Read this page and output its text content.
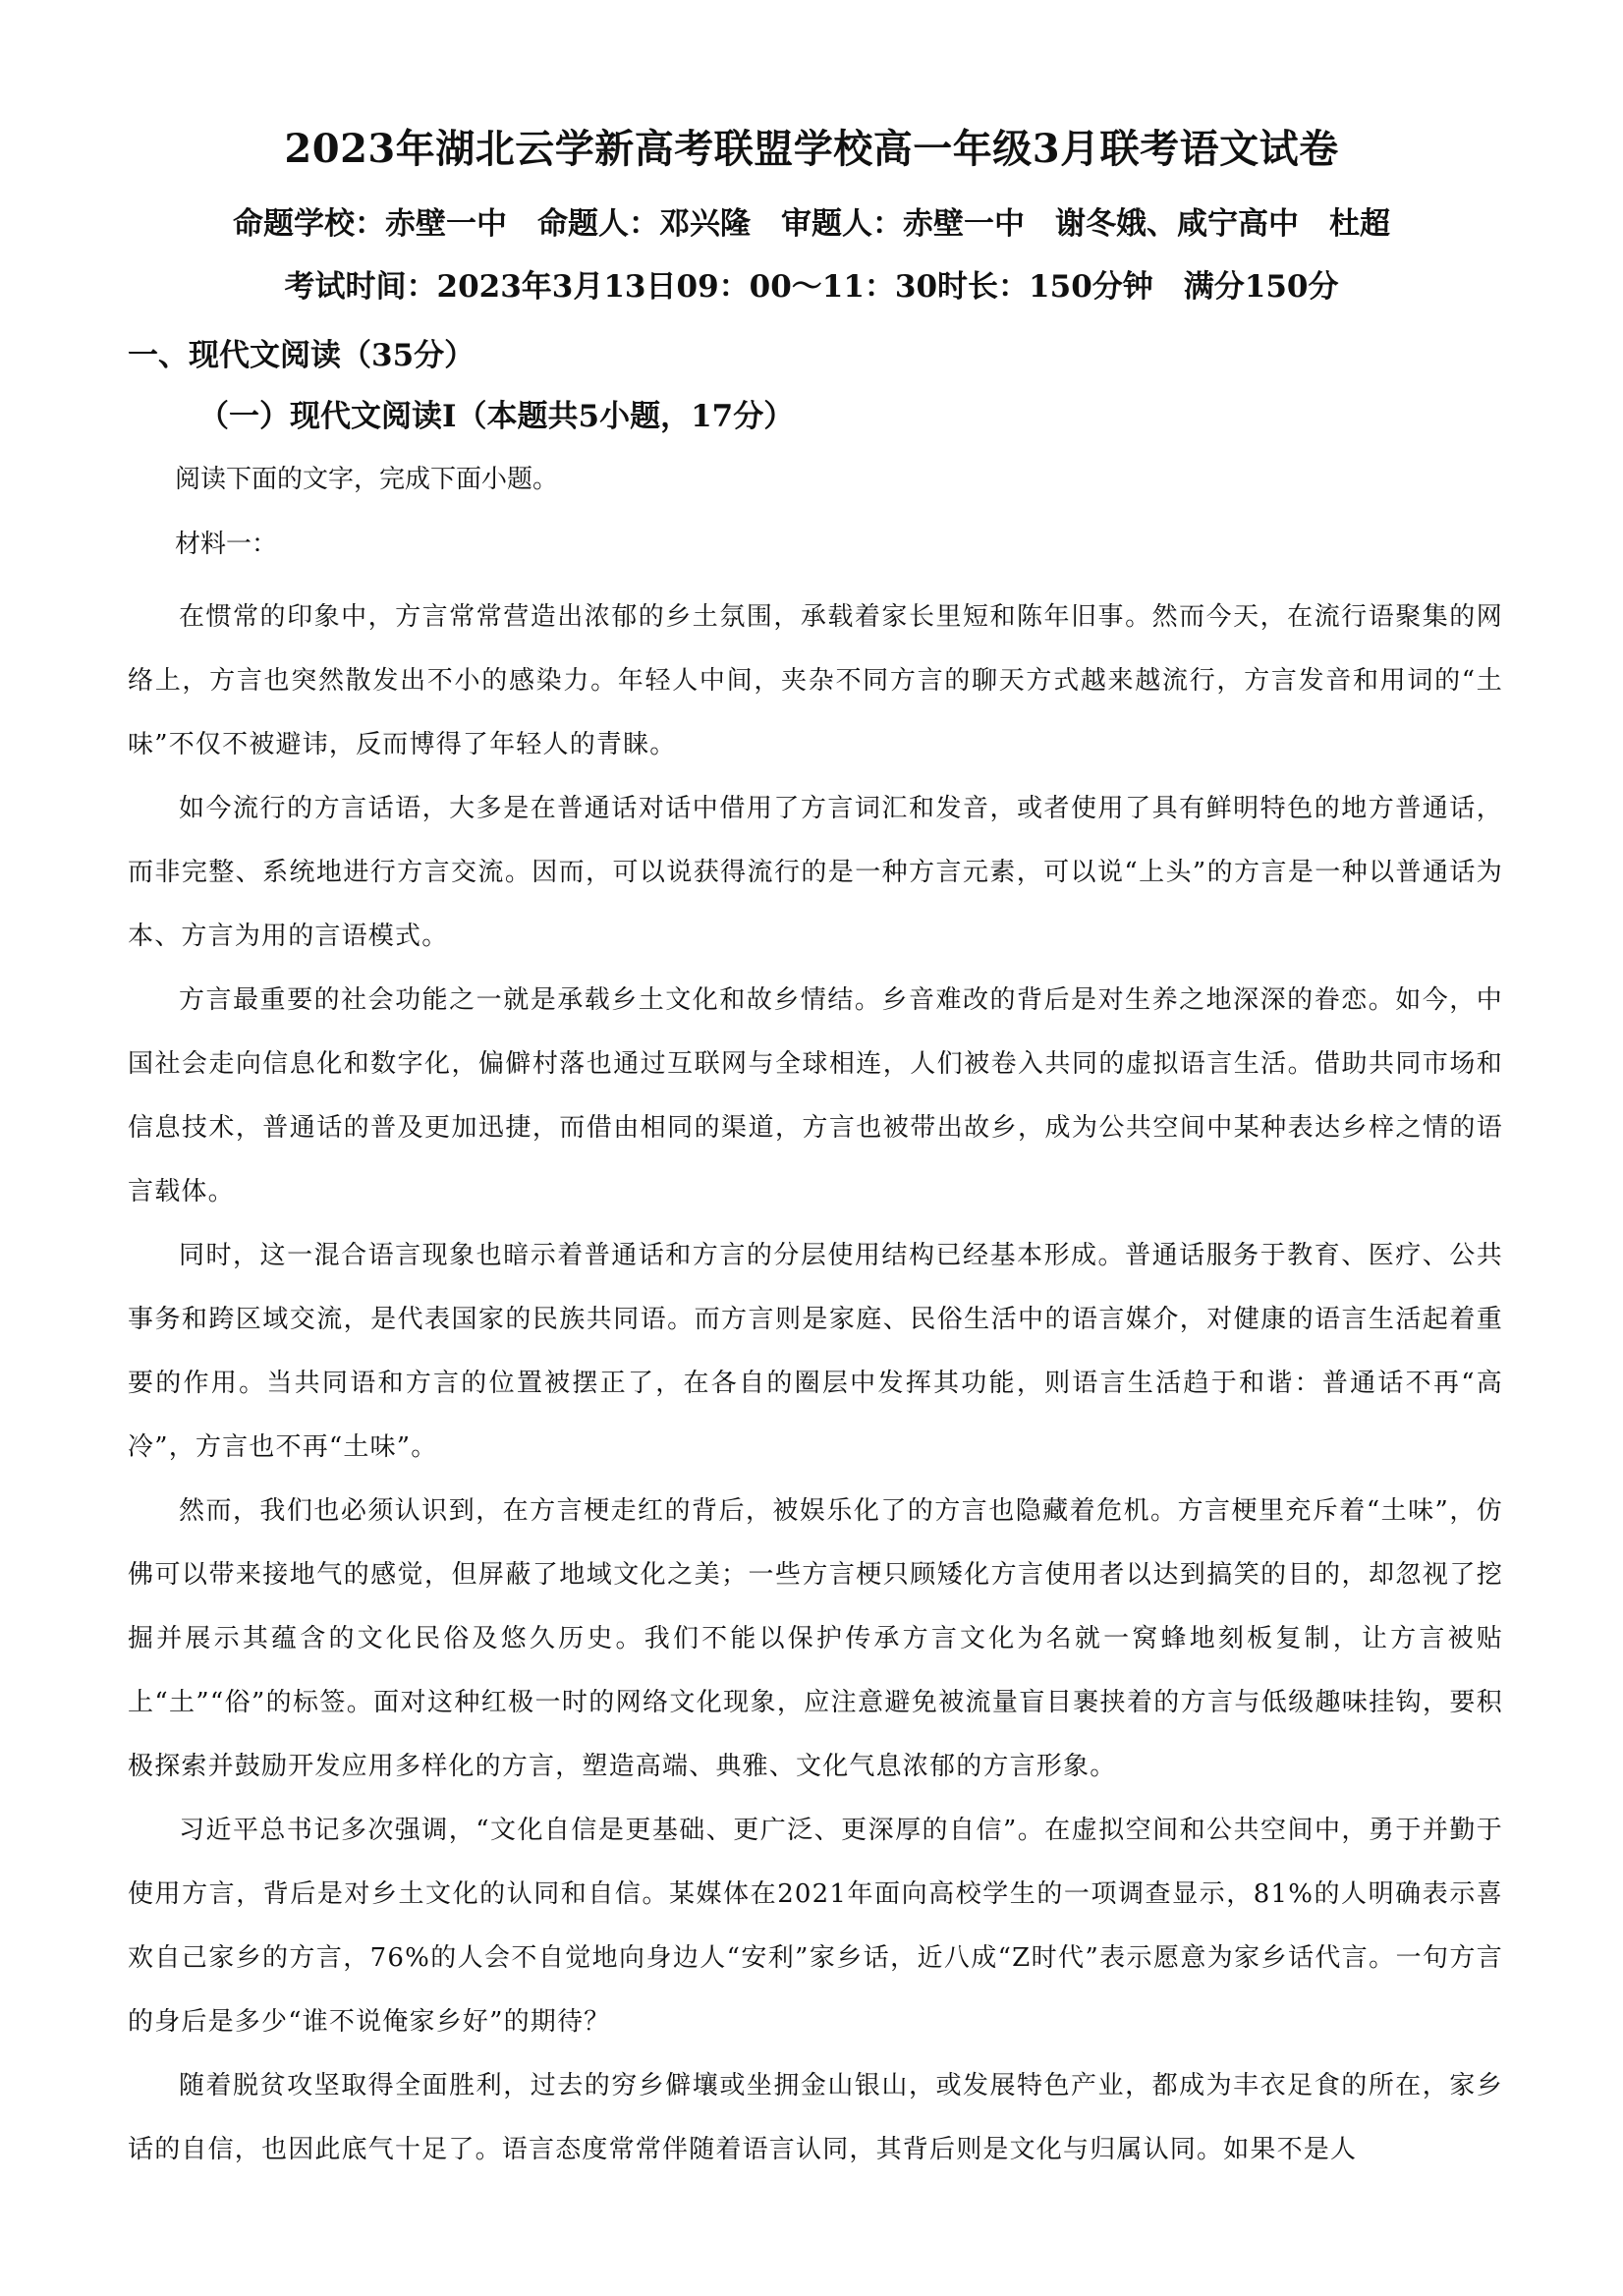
2023年湖北云学新高考联盟学校高一年级3月联考语文试卷
命题学校：赤壁一中　命题人：邓兴隆　审题人：赤壁一中　谢冬娥、咸宁高中　杜超
考试时间：2023年3月13日09：00～11：30时长：150分钟　满分150分
一、现代文阅读（35分）
（一）现代文阅读Ⅰ（本题共5小题，17分）
阅读下面的文字，完成下面小题。
材料一：

在惯常的印象中，方言常常营造出浓郁的乡土氛围，承载着家长里短和陈年旧事。然而今天，在流行语聚集的网络上，方言也突然散发出不小的感染力。年轻人中间，夹杂不同方言的聊天方式越来越流行，方言发音和用词的“土味”不仅不被避讳，反而博得了年轻人的青睐。

如今流行的方言话语，大多是在普通话对话中借用了方言词汇和发音，或者使用了具有鲜明特色的地方普通话，而非完整、系统地进行方言交流。因而，可以说获得流行的是一种方言元素，可以说“上头”的方言是一种以普通话为本、方言为用的言语模式。

方言最重要的社会功能之一就是承载乡土文化和故乡情结。乡音难改的背后是对生养之地深深的眷恋。如今，中国社会走向信息化和数字化，偏僻村落也通过互联网与全球相连，人们被卷入共同的虚拟语言生活。借助共同市场和信息技术，普通话的普及更加迅捷，而借由相同的渠道，方言也被带出故乡，成为公共空间中某种表达乡梓之情的语言载体。

同时，这一混合语言现象也暗示着普通话和方言的分层使用结构已经基本形成。普通话服务于教育、医疗、公共事务和跨区域交流，是代表国家的民族共同语。而方言则是家庭、民俗生活中的语言媒介，对健康的语言生活起着重要的作用。当共同语和方言的位置被摆正了，在各自的圈层中发挥其功能，则语言生活趋于和谐：普通话不再“高冷”，方言也不再“土味”。

然而，我们也必须认识到，在方言梗走红的背后，被娱乐化了的方言也隐藏着危机。方言梗里充斥着“土味”，仿佛可以带来接地气的感觉，但屏蔽了地域文化之美；一些方言梗只顾矮化方言使用者以达到搞笑的目的，却忽视了挖掘并展示其蕴含的文化民俗及悠久历史。我们不能以保护传承方言文化为名就一窝蜂地刻板复制，让方言被贴上“土”“俗”的标签。面对这种红极一时的网络文化现象，应注意避免被流量盲目裹挟着的方言与低级趣味挂钩，要积极探索并鼓励开发应用多样化的方言，塑造高端、典雅、文化气息浓郁的方言形象。

习近平总书记多次强调，“文化自信是更基础、更广泛、更深厚的自信”。在虚拟空间和公共空间中，勇于并勤于使用方言，背后是对乡土文化的认同和自信。某媒体在2021年面向高校学生的一项调查显示，81%的人明确表示喜欢自己家乡的方言，76%的人会不自觉地向身边人“安利”家乡话，近八成“Z时代”表示愿意为家乡话代言。一句方言的身后是多少“谁不说俺家乡好”的期待？

随着脱贫攻坚取得全面胜利，过去的穷乡僻壤或坐拥金山银山，或发展特色产业，都成为丰衣足食的所在，家乡话的自信，也因此底气十足了。语言态度常常伴随着语言认同，其背后则是文化与归属认同。如果不是人
